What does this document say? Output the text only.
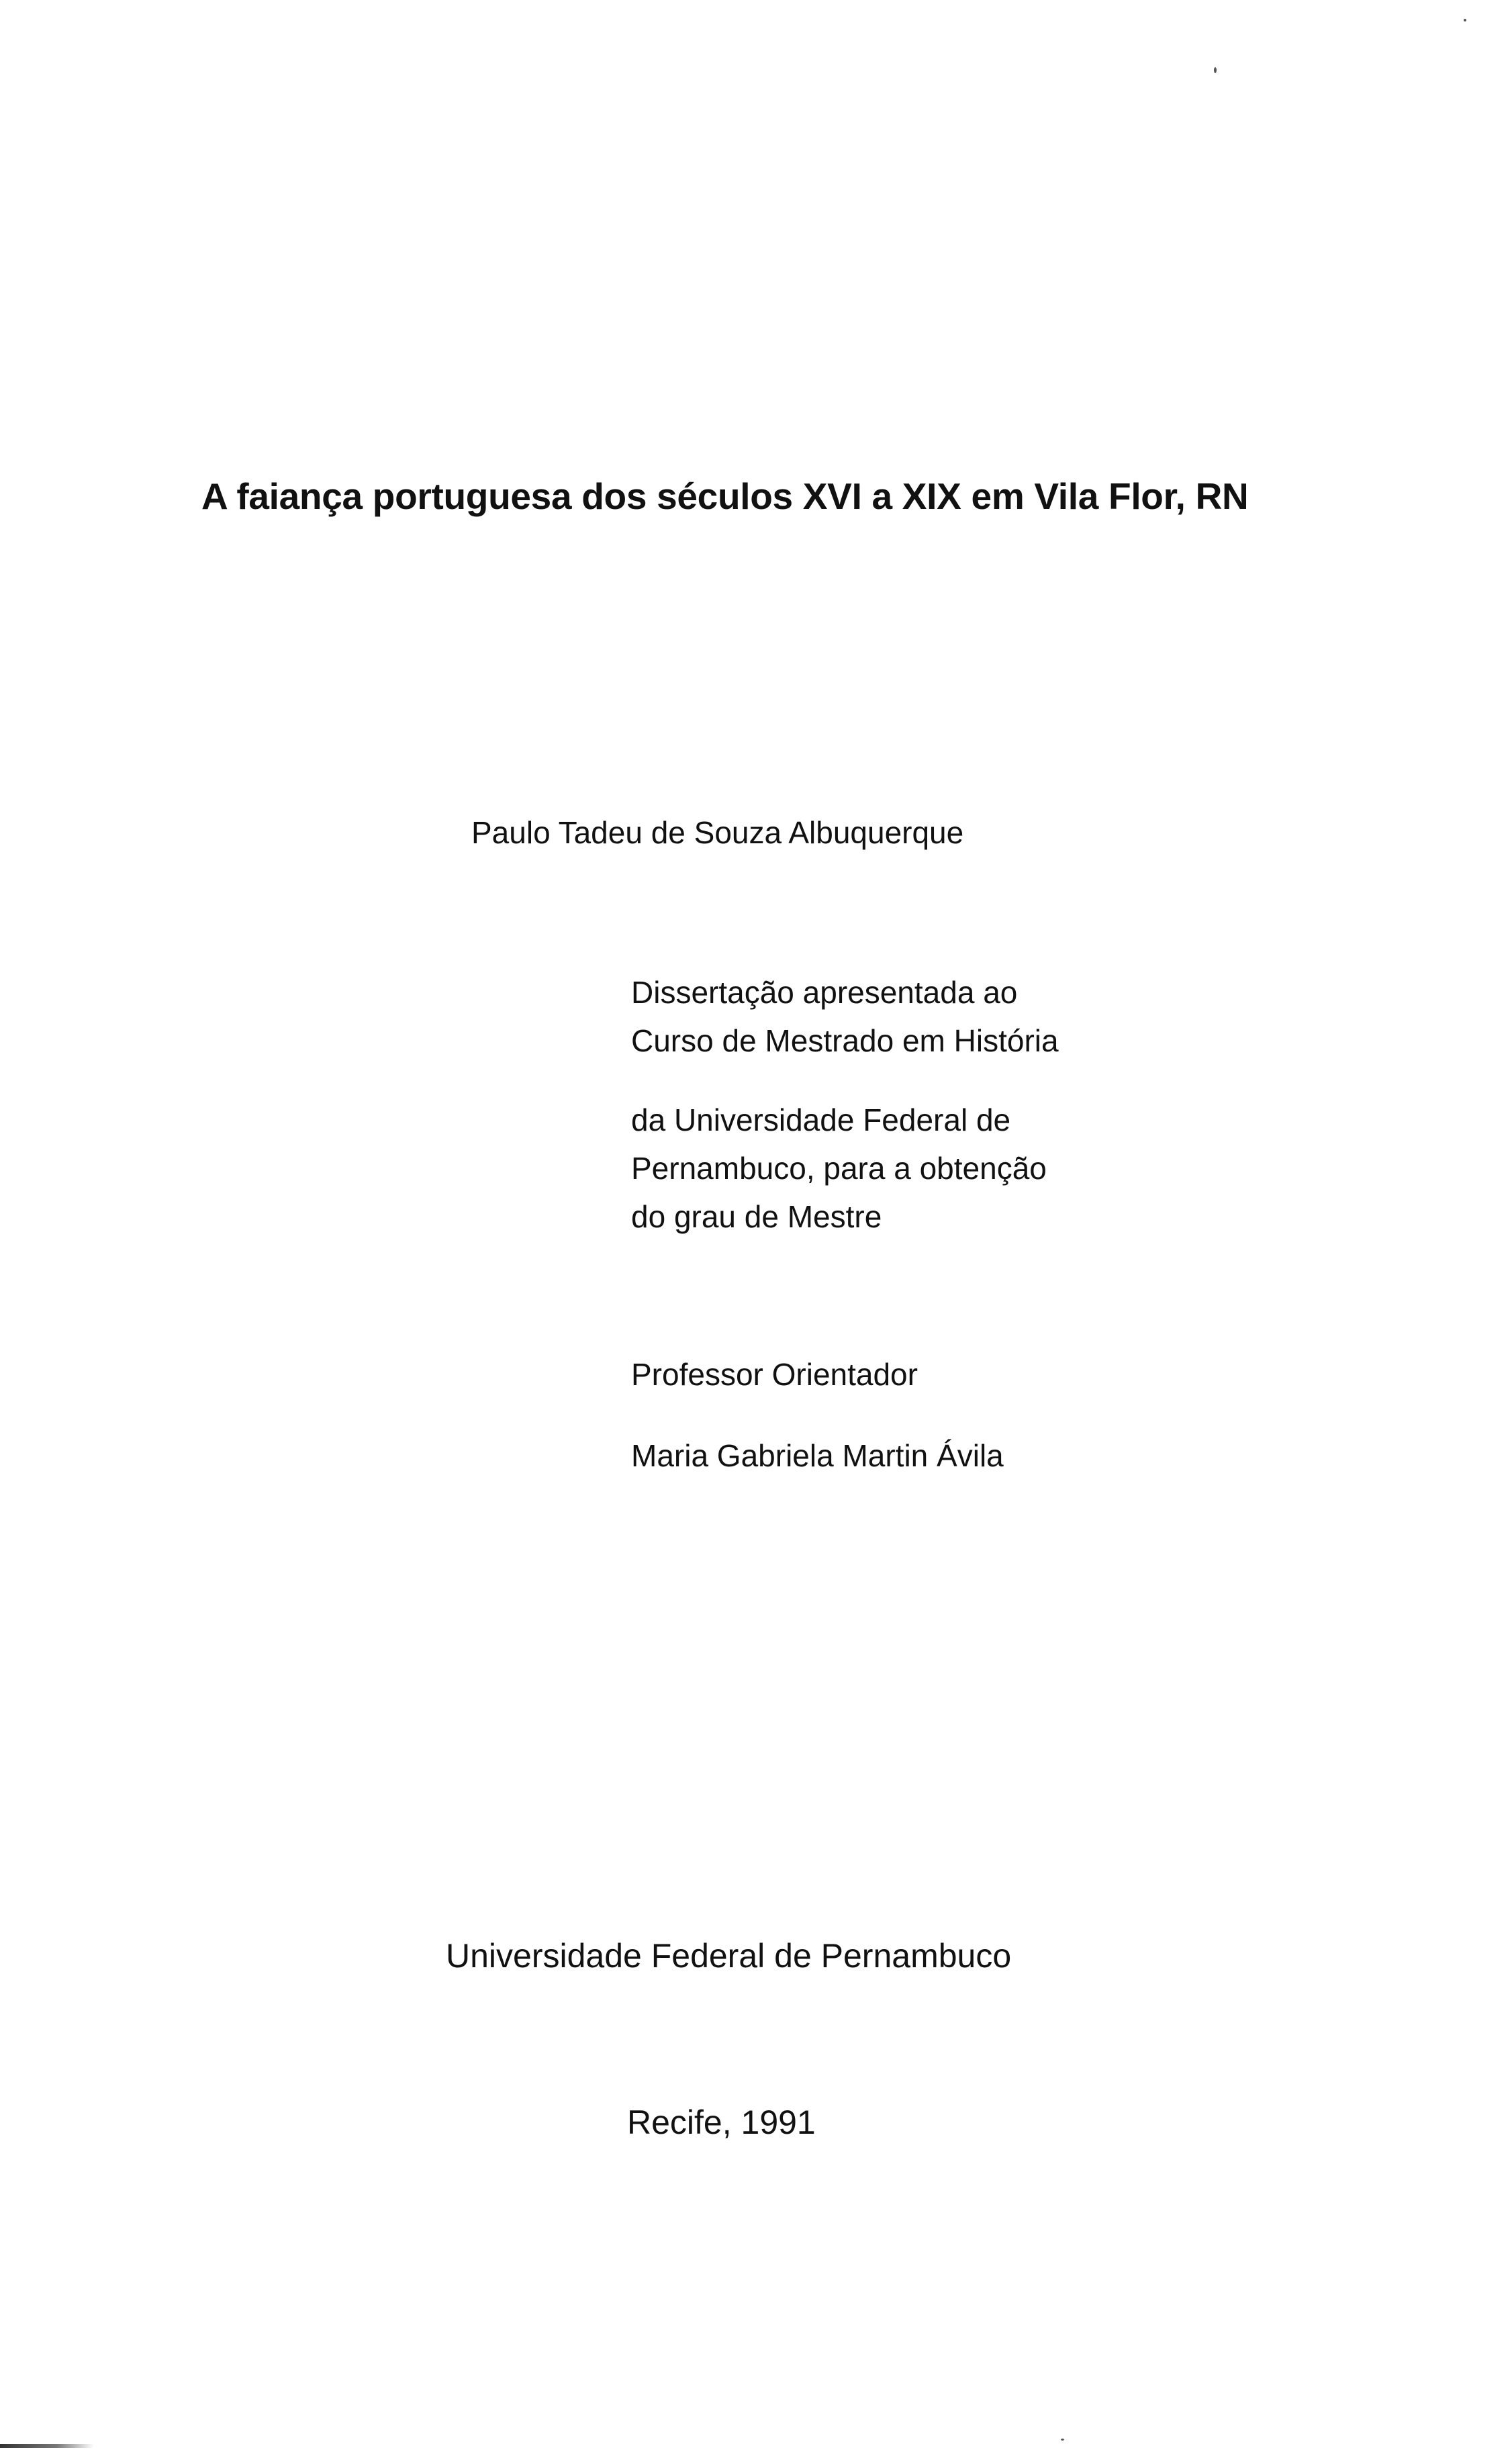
A faiança portuguesa dos séculos XVI a XIX em Vila Flor, RN

Paulo Tadeu de Souza Albuquerque

Dissertação apresentada ao

Curso de Mestrado em História

da Universidade Federal de

Pernambuco, para a obtenção

do grau de Mestre

Professor Orientador

Maria Gabriela Martin Ávila

Universidade Federal de Pernambuco

Recife, 1991
